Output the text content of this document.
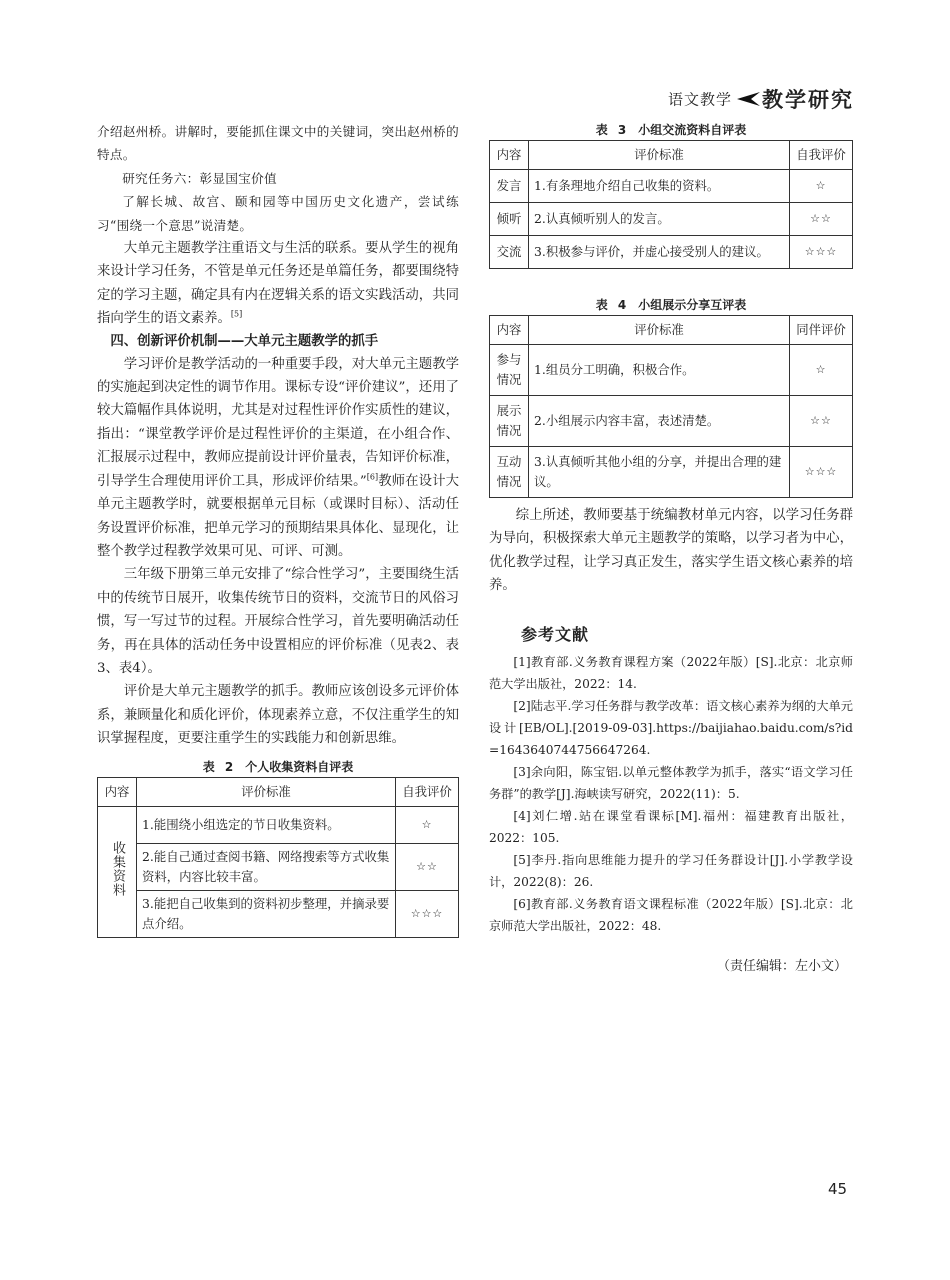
语文教学 教学研究

介绍赵州桥。讲解时，要能抓住课文中的关键词，突出赵州桥的特点。

研究任务六：彰显国宝价值

了解长城、故宫、颐和园等中国历史文化遗产，尝试练习“围绕一个意思”说清楚。

大单元主题教学注重语文与生活的联系。要从学生的视角来设计学习任务，不管是单元任务还是单篇任务，都要围绕特定的学习主题，确定具有内在逻辑关系的语文实践活动，共同指向学生的语文素养。[5]

四、创新评价机制——大单元主题教学的抓手

学习评价是教学活动的一种重要手段，对大单元主题教学的实施起到决定性的调节作用。课标专设“评价建议”，还用了较大篇幅作具体说明，尤其是对过程性评价作实质性的建议，指出：“课堂教学评价是过程性评价的主渠道，在小组合作、汇报展示过程中，教师应提前设计评价量表，告知评价标准，引导学生合理使用评价工具，形成评价结果。”[6]教师在设计大单元主题教学时，就要根据单元目标（或课时目标）、活动任务设置评价标准，把单元学习的预期结果具体化、显现化，让整个教学过程教学效果可见、可评、可测。

三年级下册第三单元安排了“综合性学习”，主要围绕生活中的传统节日展开，收集传统节日的资料，交流节日的风俗习惯，写一写过节的过程。开展综合性学习，首先要明确活动任务，再在具体的活动任务中设置相应的评价标准（见表2、表3、表4）。

评价是大单元主题教学的抓手。教师应该创设多元评价体系，兼顾量化和质化评价，体现素养立意，不仅注重学生的知识掌握程度，更要注重学生的实践能力和创新思维。

表 2　个人收集资料自评表
内容	评价标准	自我评价
收集资料	1.能围绕小组选定的节日收集资料。	☆
	2.能自己通过查阅书籍、网络搜索等方式收集资料，内容比较丰富。	☆☆
	3.能把自己收集到的资料初步整理，并摘录要点介绍。	☆☆☆
表 3　小组交流资料自评表
内容	评价标准	自我评价
发言	1.有条理地介绍自己收集的资料。	☆
倾听	2.认真倾听别人的发言。	☆☆
交流	3.积极参与评价，并虚心接受别人的建议。	☆☆☆
表 4　小组展示分享互评表
内容	评价标准	同伴评价
参与情况	1.组员分工明确，积极合作。	☆
展示情况	2.小组展示内容丰富，表述清楚。	☆☆
互动情况	3.认真倾听其他小组的分享，并提出合理的建议。	☆☆☆

综上所述，教师要基于统编教材单元内容，以学习任务群为导向，积极探索大单元主题教学的策略，以学习者为中心，优化教学过程，让学习真正发生，落实学生语文核心素养的培养。

参考文献

[1]教育部.义务教育课程方案（2022年版）[S].北京：北京师范大学出版社，2022：14.

[2]陆志平.学习任务群与教学改革：语文核心素养为纲的大单元设计[EB/OL].[2019-09-03].https://baijiahao.baidu.com/s?id=1643640744756647264.

[3]余向阳，陈宝铝.以单元整体教学为抓手，落实“语文学习任务群”的教学[J].海峡读写研究，2022(11)：5.

[4]刘仁增.站在课堂看课标[M].福州：福建教育出版社，2022：105.

[5]李丹.指向思维能力提升的学习任务群设计[J].小学教学设计，2022(8)：26.

[6]教育部.义务教育语文课程标准（2022年版）[S].北京：北京师范大学出版社，2022：48.

（责任编辑：左小文）
45
